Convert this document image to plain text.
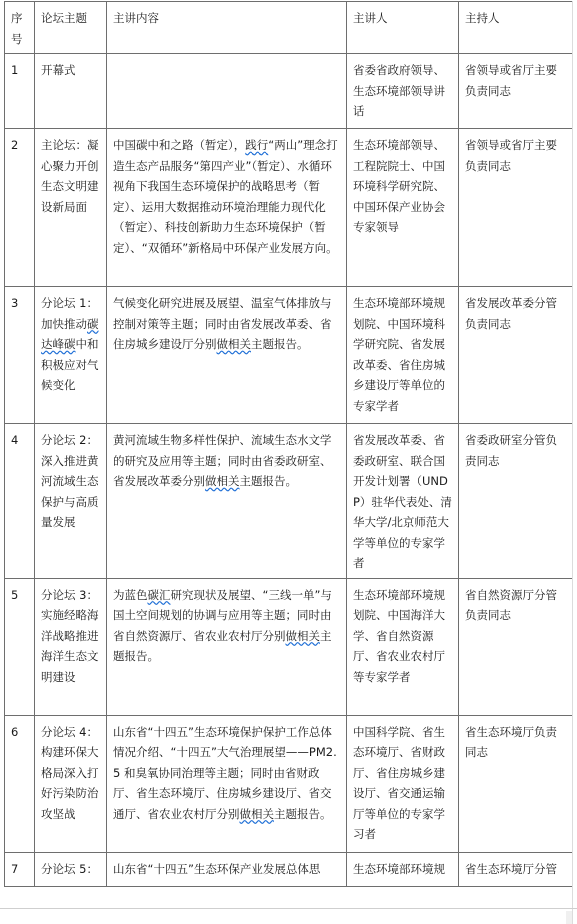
序号	论坛主题	主讲内容	主讲人	主持人
1	开幕式		省委省政府领导、生态环境部领导讲话	省领导或省厅主要负责同志
2	主论坛：凝心聚力开创生态文明建设新局面	中国碳中和之路（暂定），践行“两山”理念打造生态产品服务“第四产业”（暂定）、水循环视角下我国生态环境保护的战略思考（暂定）、运用大数据推动环境治理能力现代化（暂定）、科技创新助力生态环境保护（暂定）、“双循环”新格局中环保产业发展方向。	生态环境部领导、工程院院士、中国环境科学研究院、中国环保产业协会专家领导	省领导或省厅主要负责同志
3	分论坛 1：加快推动碳达峰碳中和积极应对气候变化	气候变化研究进展及展望、温室气体排放与控制对策等主题；同时由省发展改革委、省住房城乡建设厅分别做相关主题报告。	生态环境部环境规划院、中国环境科学研究院、省发展改革委、省住房城乡建设厅等单位的专家学者	省发展改革委分管负责同志
4	分论坛 2：深入推进黄河流域生态保护与高质量发展	黄河流域生物多样性保护、流域生态水文学的研究及应用等主题；同时由省委政研室、省发展改革委分别做相关主题报告。	省发展改革委、省委政研室、联合国开发计划署（UNDP）驻华代表处、清华大学/北京师范大学等单位的专家学者	省委政研室分管负责同志
5	分论坛 3：实施经略海洋战略推进海洋生态文明建设	为蓝色碳汇研究现状及展望、“三线一单”与国土空间规划的协调与应用等主题；同时由省自然资源厅、省农业农村厅分别做相关主题报告。	生态环境部环境规划院、中国海洋大学、省自然资源厅、省农业农村厅等专家学者	省自然资源厅分管负责同志
6	分论坛 4：构建环保大格局深入打好污染防治攻坚战	山东省“十四五”生态环境保护保护工作总体情况介绍、“十四五”大气治理展望——PM2.5 和臭氧协同治理等主题；同时由省财政厅、省生态环境厅、住房城乡建设厅、省交通厅、省农业农村厅分别做相关主题报告。	中国科学院、省生态环境厅、省财政厅、省住房城乡建设厅、省交通运输厅等单位的专家学习者	省生态环境厅负责同志
7	分论坛 5：	山东省“十四五”生态环保产业发展总体思	生态环境部环境规	省生态环境厅分管
